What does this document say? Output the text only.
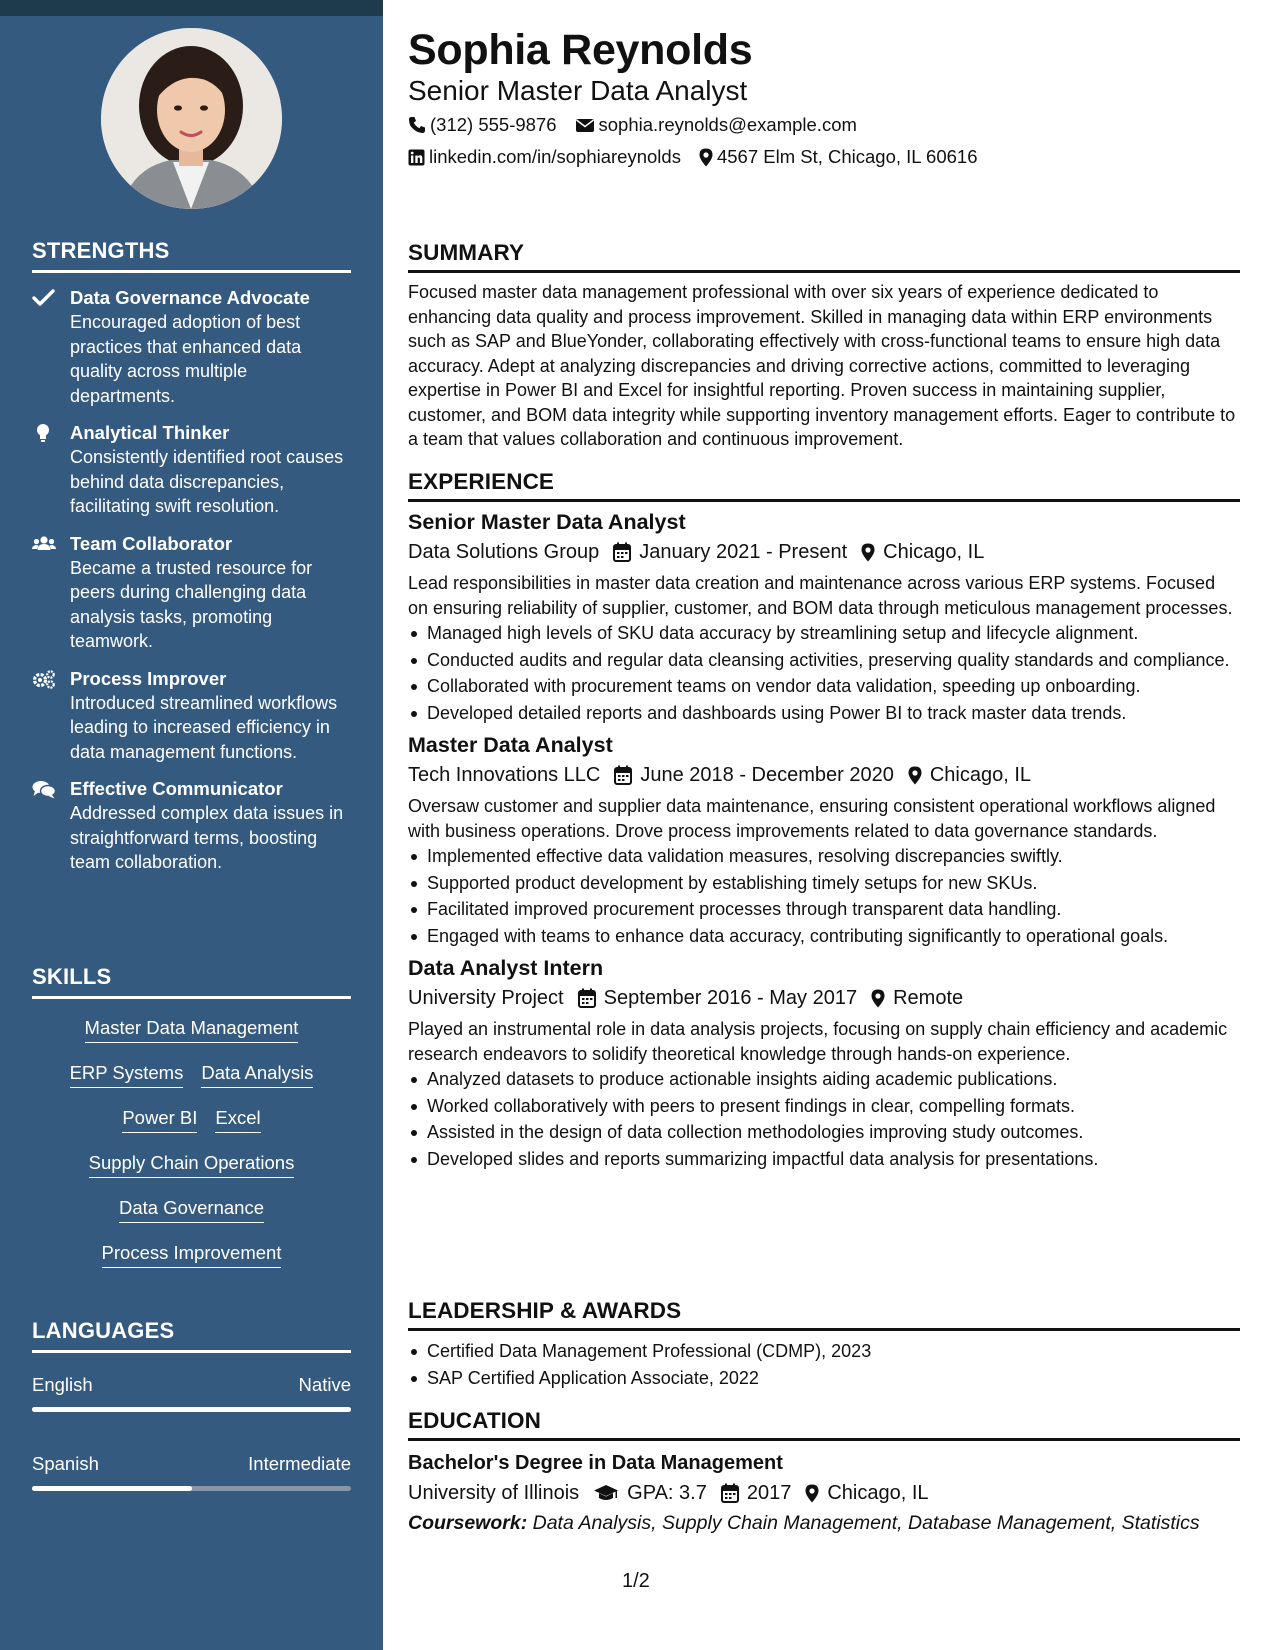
STRENGTHS
Data Governance Advocate
Encouraged adoption of best practices that enhanced data quality across multiple departments.
Analytical Thinker
Consistently identified root causes behind data discrepancies, facilitating swift resolution.
Team Collaborator
Became a trusted resource for peers during challenging data analysis tasks, promoting teamwork.
Process Improver
Introduced streamlined workflows leading to increased efficiency in data management functions.
Effective Communicator
Addressed complex data issues in straightforward terms, boosting team collaboration.
SKILLS
Master Data Management
ERP Systems Data Analysis
Power BI Excel
Supply Chain Operations
Data Governance
Process Improvement
LANGUAGES
English	Native
Spanish	Intermediate
Sophia Reynolds
Senior Master Data Analyst
(312) 555-9876 sophia.reynolds@example.com
linkedin.com/in/sophiareynolds 4567 Elm St, Chicago, IL 60616
SUMMARY
Focused master data management professional with over six years of experience dedicated to enhancing data quality and process improvement. Skilled in managing data within ERP environments such as SAP and BlueYonder, collaborating effectively with cross-functional teams to ensure high data accuracy. Adept at analyzing discrepancies and driving corrective actions, committed to leveraging expertise in Power BI and Excel for insightful reporting. Proven success in maintaining supplier, customer, and BOM data integrity while supporting inventory management efforts. Eager to contribute to a team that values collaboration and continuous improvement.
EXPERIENCE
Senior Master Data Analyst
Data Solutions Group January 2021 - Present Chicago, IL
Lead responsibilities in master data creation and maintenance across various ERP systems. Focused on ensuring reliability of supplier, customer, and BOM data through meticulous management processes.
Managed high levels of SKU data accuracy by streamlining setup and lifecycle alignment.
Conducted audits and regular data cleansing activities, preserving quality standards and compliance.
Collaborated with procurement teams on vendor data validation, speeding up onboarding.
Developed detailed reports and dashboards using Power BI to track master data trends.
Master Data Analyst
Tech Innovations LLC June 2018 - December 2020 Chicago, IL
Oversaw customer and supplier data maintenance, ensuring consistent operational workflows aligned with business operations. Drove process improvements related to data governance standards.
Implemented effective data validation measures, resolving discrepancies swiftly.
Supported product development by establishing timely setups for new SKUs.
Facilitated improved procurement processes through transparent data handling.
Engaged with teams to enhance data accuracy, contributing significantly to operational goals.
Data Analyst Intern
University Project September 2016 - May 2017 Remote
Played an instrumental role in data analysis projects, focusing on supply chain efficiency and academic research endeavors to solidify theoretical knowledge through hands-on experience.
Analyzed datasets to produce actionable insights aiding academic publications.
Worked collaboratively with peers to present findings in clear, compelling formats.
Assisted in the design of data collection methodologies improving study outcomes.
Developed slides and reports summarizing impactful data analysis for presentations.
LEADERSHIP & AWARDS
Certified Data Management Professional (CDMP), 2023
SAP Certified Application Associate, 2022
EDUCATION
Bachelor's Degree in Data Management
University of Illinois GPA: 3.7 2017 Chicago, IL
Coursework: Data Analysis, Supply Chain Management, Database Management, Statistics
1/2
